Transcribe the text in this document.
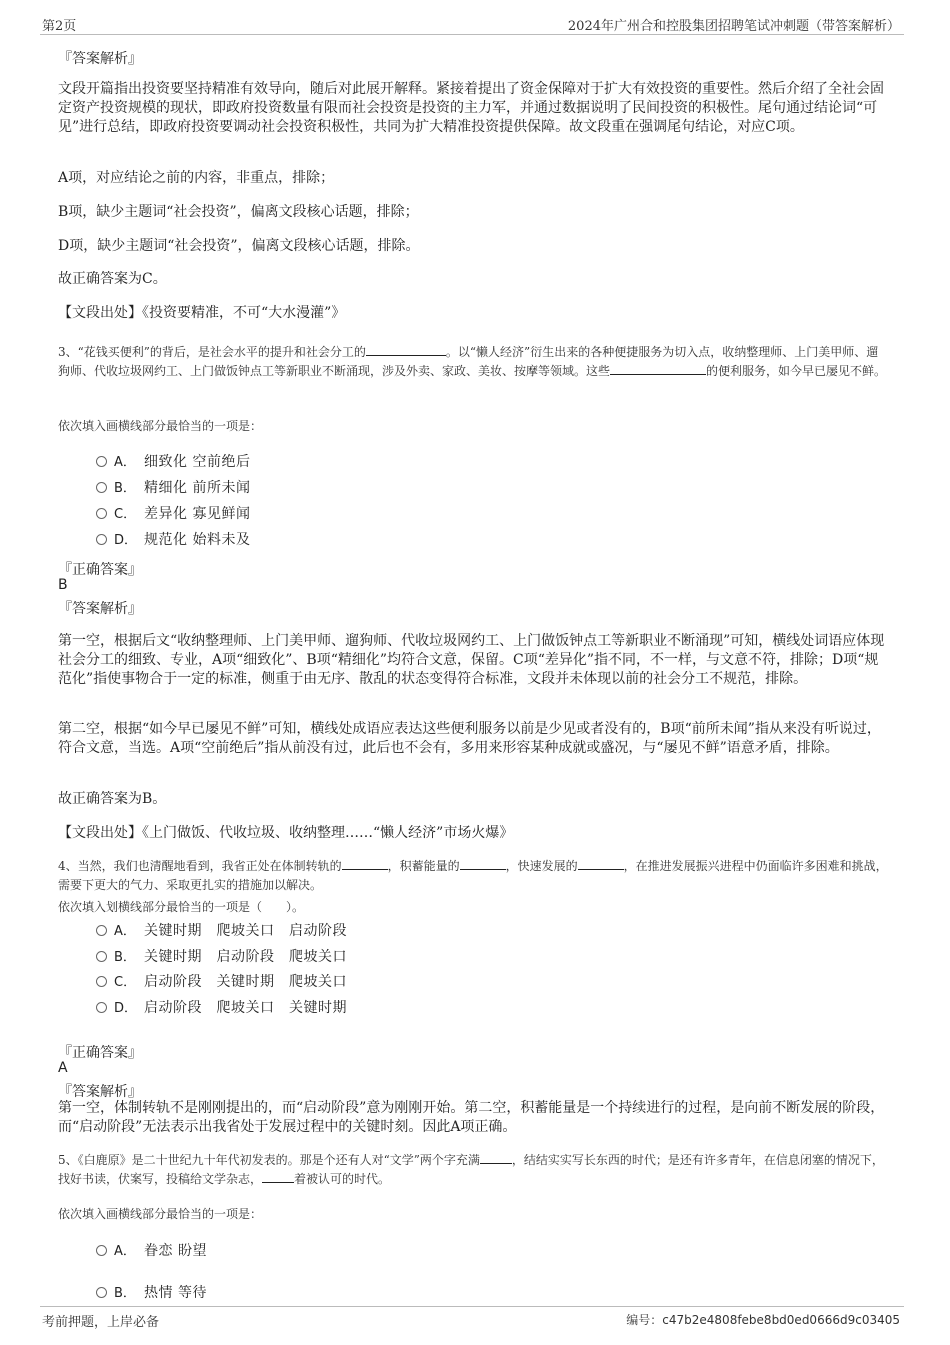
第2页	2024年广州合和控股集团招聘笔试冲刺题（带答案解析）

『答案解析』

文段开篇指出投资要坚持精准有效导向，随后对此展开解释。紧接着提出了资金保障对于扩大有效投资的重要性。然后介绍了全社会固定资产投资规模的现状，即政府投资数量有限而社会投资是投资的主力军，并通过数据说明了民间投资的积极性。尾句通过结论词“可见”进行总结，即政府投资要调动社会投资积极性，共同为扩大精准投资提供保障。故文段重在强调尾句结论，对应C项。

A项，对应结论之前的内容，非重点，排除；

B项，缺少主题词“社会投资”，偏离文段核心话题，排除；

D项，缺少主题词“社会投资”，偏离文段核心话题，排除。

故正确答案为C。

【文段出处】《投资要精准，不可“大水漫灌”》

3、“花钱买便利”的背后，是社会水平的提升和社会分工的	。以“懒人经济”衍生出来的各种便捷服务为切入点，收纳整理师、上门美甲师、遛狗师、代收垃圾网约工、上门做饭钟点工等新职业不断涌现，涉及外卖、家政、美妆、按摩等领域。这些	的便利服务，如今早已屡见不鲜。

依次填入画横线部分最恰当的一项是：

A． 细致化 空前绝后
B． 精细化 前所未闻
C． 差异化 寡见鲜闻
D． 规范化 始料未及

『正确答案』

B

『答案解析』

第一空，根据后文“收纳整理师、上门美甲师、遛狗师、代收垃圾网约工、上门做饭钟点工等新职业不断涌现”可知，横线处词语应体现社会分工的细致、专业，A项“细致化”、B项“精细化”均符合文意，保留。C项“差异化”指不同，不一样，与文意不符，排除；D项“规范化”指使事物合于一定的标准，侧重于由无序、散乱的状态变得符合标准，文段并未体现以前的社会分工不规范，排除。

第二空，根据“如今早已屡见不鲜”可知，横线处成语应表达这些便利服务以前是少见或者没有的，B项“前所未闻”指从来没有听说过，符合文意，当选。A项“空前绝后”指从前没有过，此后也不会有，多用来形容某种成就或盛况，与“屡见不鲜”语意矛盾，排除。

故正确答案为B。

【文段出处】《上门做饭、代收垃圾、收纳整理……“懒人经济”市场火爆》

4、当然，我们也清醒地看到，我省正处在体制转轨的	，积蓄能量的	，快速发展的	，在推进发展振兴进程中仍面临许多困难和挑战，需要下更大的气力、采取更扎实的措施加以解决。

依次填入划横线部分最恰当的一项是（　　）。

A． 关键时期　爬坡关口　启动阶段
B． 关键时期　启动阶段　爬坡关口
C． 启动阶段　关键时期　爬坡关口
D． 启动阶段　爬坡关口　关键时期

『正确答案』

A

『答案解析』

第一空，体制转轨不是刚刚提出的，而“启动阶段”意为刚刚开始。第二空，积蓄能量是一个持续进行的过程，是向前不断发展的阶段，而“启动阶段”无法表示出我省处于发展过程中的关键时刻。因此A项正确。

5、《白鹿原》是二十世纪九十年代初发表的。那是个还有人对“文学”两个字充满	，结结实实写长东西的时代；是还有许多青年，在信息闭塞的情况下，找好书读，伏案写，投稿给文学杂志，	着被认可的时代。

依次填入画横线部分最恰当的一项是：

A． 眷恋 盼望
B． 热情 等待
考前押题，上岸必备	编号：c47b2e4808febe8bd0ed0666d9c03405
